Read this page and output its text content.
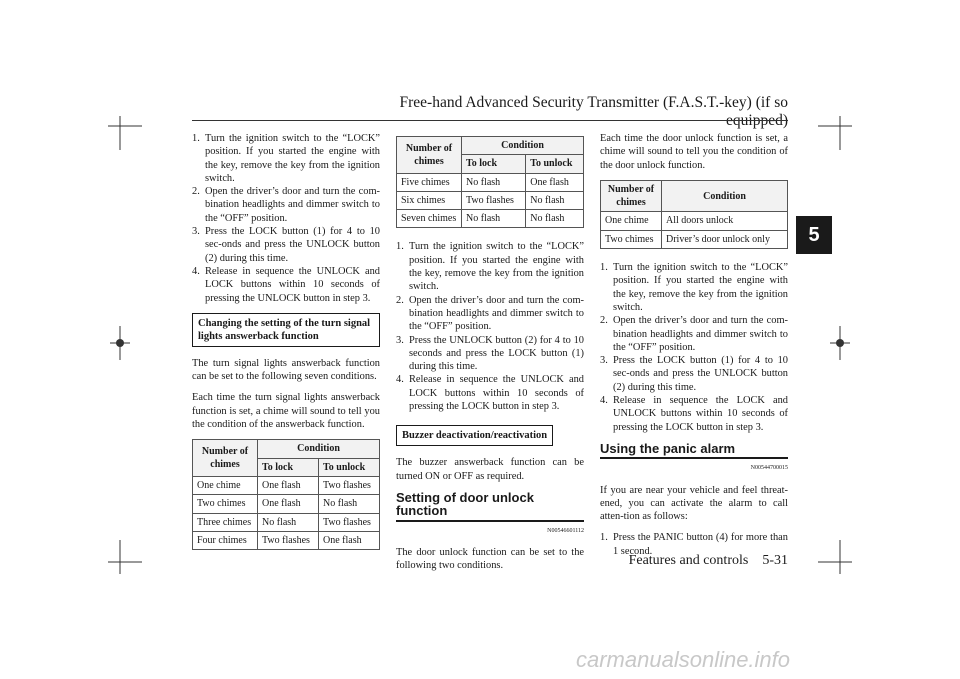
Free-hand Advanced Security Transmitter (F.A.S.T.-key) (if so equipped)
5
1. Turn the ignition switch to the “LOCK” position. If you started the engine with the key, remove the key from the ignition switch.
2. Open the driver’s door and turn the com-bination headlights and dimmer switch to the “OFF” position.
3. Press the LOCK button (1) for 4 to 10 sec-onds and press the UNLOCK button (2) during this time.
4. Release in sequence the UNLOCK and LOCK buttons within 10 seconds of pressing the UNLOCK button in step 3.
Changing the setting of the turn signal lights answerback function

The turn signal lights answerback function can be set to the following seven conditions.

Each time the turn signal lights answerback function is set, a chime will sound to tell you the condition of the answerback function.

Number of chimes	Condition	
	To lock	To unlock
One chime	One flash	Two flashes
Two chimes	One flash	No flash
Three chimes	No flash	Two flashes
Four chimes	Two flashes	One flash
Number of chimes	Condition	
	To lock	To unlock
Five chimes	No flash	One flash
Six chimes	Two flashes	No flash
Seven chimes	No flash	No flash
1. Turn the ignition switch to the “LOCK” position. If you started the engine with the key, remove the key from the ignition switch.
2. Open the driver’s door and turn the com-bination headlights and dimmer switch to the “OFF” position.
3. Press the UNLOCK button (2) for 4 to 10 seconds and press the LOCK button (1) during this time.
4. Release in sequence the UNLOCK and LOCK buttons within 10 seconds of pressing the LOCK button in step 3.
Buzzer deactivation/reactivation

The buzzer answerback function can be turned ON or OFF as required.

Setting of door unlock function
N00546601112

The door unlock function can be set to the following two conditions.

Each time the door unlock function is set, a chime will sound to tell you the condition of the door unlock function.

Number of chimes	Condition
One chime	All doors unlock
Two chimes	Driver’s door unlock only
1. Turn the ignition switch to the “LOCK” position. If you started the engine with the key, remove the key from the ignition switch.
2. Open the driver’s door and turn the com-bination headlights and dimmer switch to the “OFF” position.
3. Press the LOCK button (1) for 4 to 10 sec-onds and press the UNLOCK button (2) during this time.
4. Release in sequence the LOCK and UNLOCK buttons within 10 seconds of pressing the LOCK button in step 3.
Using the panic alarm
N00544700015

If you are near your vehicle and feel threat-ened, you can activate the alarm to call atten-tion as follows:

1. Press the PANIC button (4) for more than 1 second.
Features and controls 5-31
carmanualsonline.info
